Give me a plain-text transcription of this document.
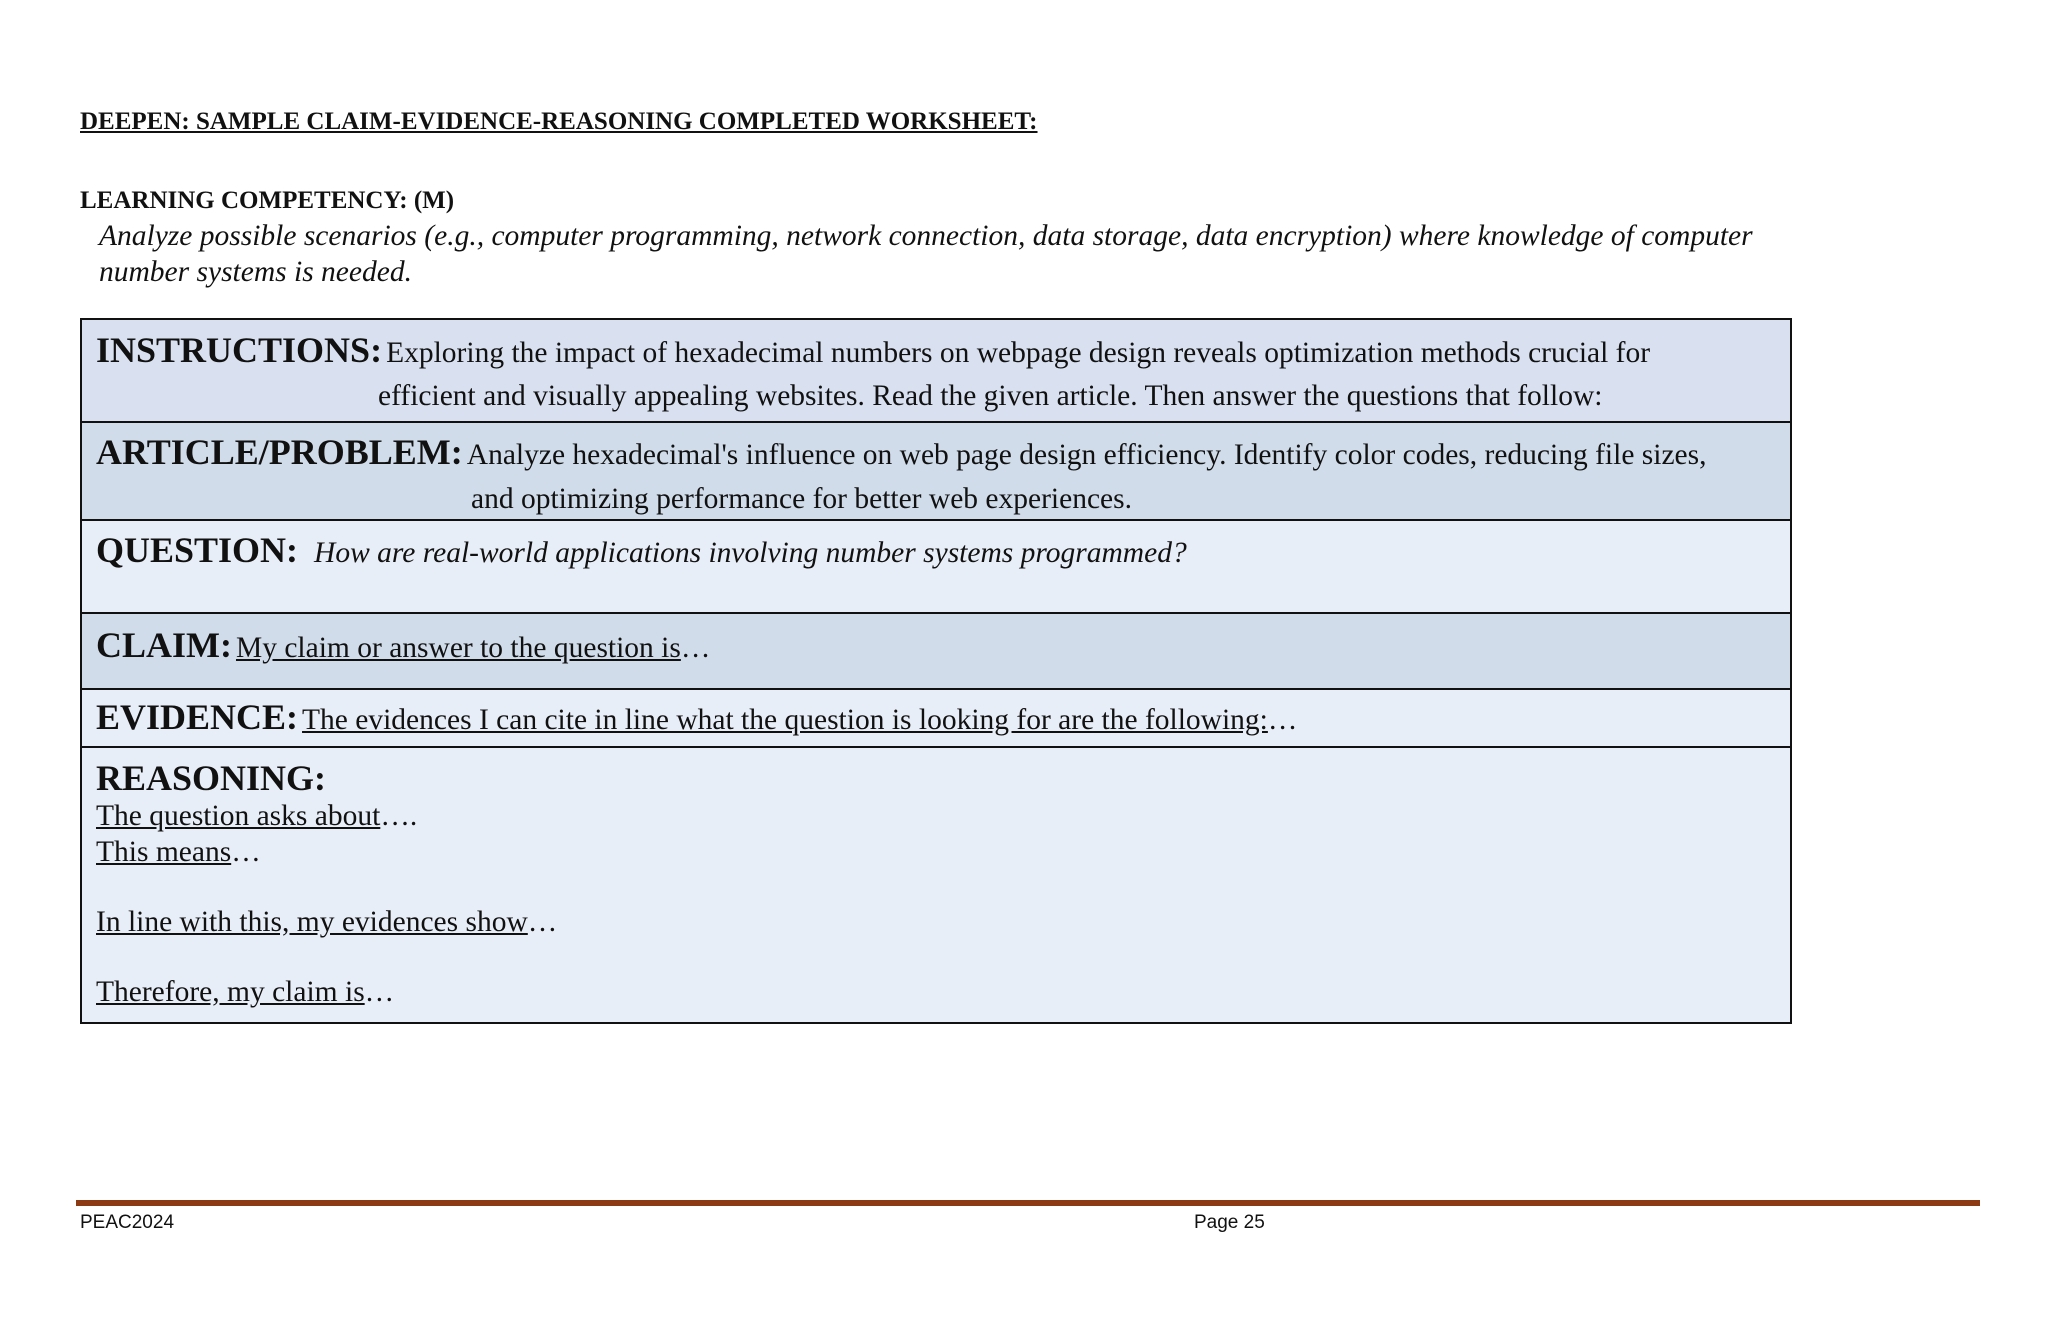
DEEPEN: SAMPLE CLAIM-EVIDENCE-REASONING COMPLETED WORKSHEET:
LEARNING COMPETENCY: (M)
Analyze possible scenarios (e.g., computer programming, network connection, data storage, data encryption) where knowledge of computer number systems is needed.
INSTRUCTIONS: Exploring the impact of hexadecimal numbers on webpage design reveals optimization methods crucial for
efficient and visually appealing websites. Read the given article. Then answer the questions that follow:
ARTICLE/PROBLEM: Analyze hexadecimal's influence on web page design efficiency. Identify color codes, reducing file sizes,
and optimizing performance for better web experiences.
QUESTION: How are real-world applications involving number systems programmed?
CLAIM: My claim or answer to the question is…
EVIDENCE: The evidences I can cite in line what the question is looking for are the following:…
REASONING:
The question asks about….
This means…
In line with this, my evidences show…
Therefore, my claim is…
PEAC2024	Page 25
